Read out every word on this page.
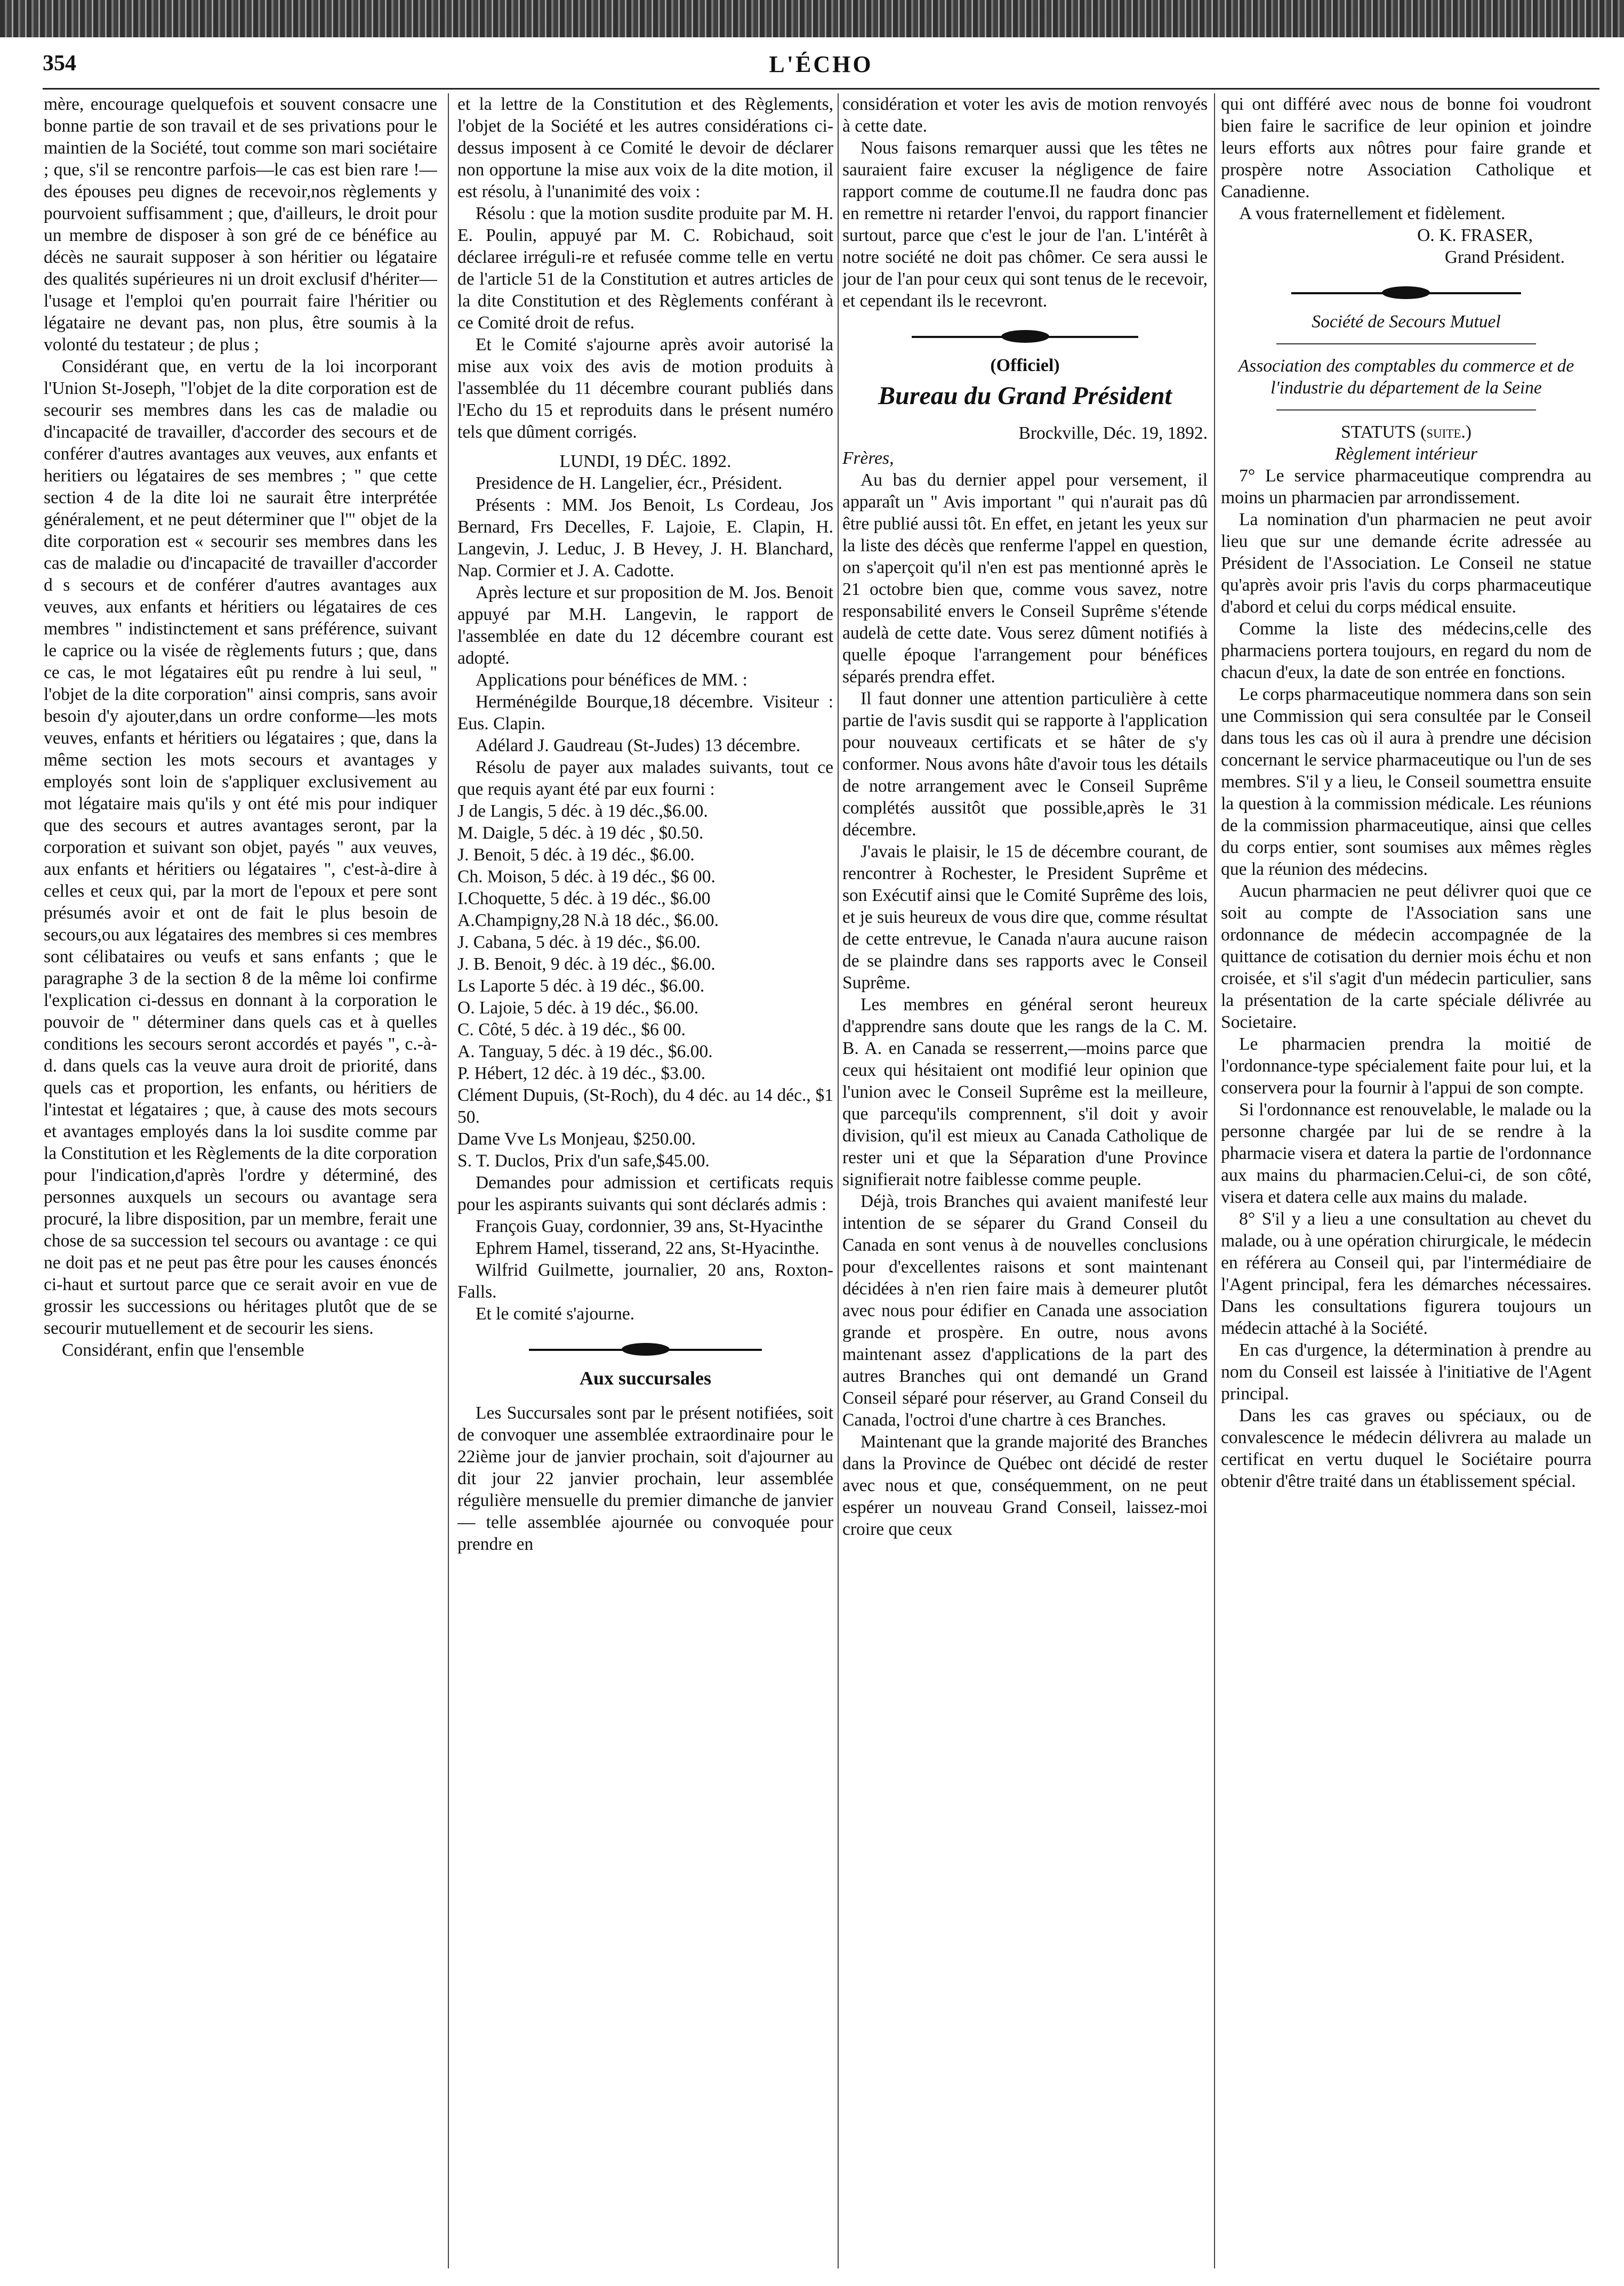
354	L'ÉCHO

mère, encourage quelquefois et souvent consacre une bonne partie de son travail et de ses privations pour le maintien de la Société, tout comme son mari sociétaire ; que, s'il se rencontre parfois—le cas est bien rare !—des épouses peu dignes de recevoir,nos règlements y pourvoient suffisamment ; que, d'ailleurs, le droit pour un membre de disposer à son gré de ce bénéfice au décès ne saurait supposer à son héritier ou légataire des qualités supérieures ni un droit exclusif d'hériter—l'usage et l'emploi qu'en pourrait faire l'héritier ou légataire ne devant pas, non plus, être soumis à la volonté du testateur ; de plus ;

Considérant que, en vertu de la loi incorporant l'Union St-Joseph, "l'objet de la dite corporation est de secourir ses membres dans les cas de maladie ou d'incapacité de travailler, d'accorder des secours et de conférer d'autres avantages aux veuves, aux enfants et heritiers ou légataires de ses membres ; " que cette section 4 de la dite loi ne saurait être interprétée généralement, et ne peut déterminer que l'" objet de la dite corporation est « secourir ses membres dans les cas de maladie ou d'incapacité de travailler d'accorder d s secours et de conférer d'autres avantages aux veuves, aux enfants et héritiers ou légataires de ces membres " indistinctement et sans préférence, suivant le caprice ou la visée de règlements futurs ; que, dans ce cas, le mot légataires eût pu rendre à lui seul, " l'objet de la dite corporation" ainsi compris, sans avoir besoin d'y ajouter,dans un ordre conforme—les mots veuves, enfants et héritiers ou légataires ; que, dans la même section les mots secours et avantages y employés sont loin de s'appliquer exclusivement au mot légataire mais qu'ils y ont été mis pour indiquer que des secours et autres avantages seront, par la corporation et suivant son objet, payés " aux veuves, aux enfants et héritiers ou légataires ", c'est-à-dire à celles et ceux qui, par la mort de l'epoux et pere sont présumés avoir et ont de fait le plus besoin de secours,ou aux légataires des membres si ces membres sont célibataires ou veufs et sans enfants ; que le paragraphe 3 de la section 8 de la même loi confirme l'explication ci-dessus en donnant à la corporation le pouvoir de " déterminer dans quels cas et à quelles conditions les secours seront accordés et payés ", c.-à-d. dans quels cas la veuve aura droit de priorité, dans quels cas et proportion, les enfants, ou héritiers de l'intestat et légataires ; que, à cause des mots secours et avantages employés dans la loi susdite comme par la Constitution et les Règlements de la dite corporation pour l'indication,d'après l'ordre y déterminé, des personnes auxquels un secours ou avantage sera procuré, la libre disposition, par un membre, ferait une chose de sa succession tel secours ou avantage : ce qui ne doit pas et ne peut pas être pour les causes énoncés ci-haut et surtout parce que ce serait avoir en vue de grossir les successions ou héritages plutôt que de se secourir mutuellement et de secourir les siens.

Considérant, enfin que l'ensemble

et la lettre de la Constitution et des Règlements, l'objet de la Société et les autres considérations ci-dessus imposent à ce Comité le devoir de déclarer non opportune la mise aux voix de la dite motion, il est résolu, à l'unanimité des voix :

Résolu : que la motion susdite produite par M. H. E. Poulin, appuyé par M. C. Robichaud, soit déclaree irréguli-re et refusée comme telle en vertu de l'article 51 de la Constitution et autres articles de la dite Constitution et des Règlements conférant à ce Comité droit de refus.

Et le Comité s'ajourne après avoir autorisé la mise aux voix des avis de motion produits à l'assemblée du 11 décembre courant publiés dans l'Echo du 15 et reproduits dans le présent numéro tels que dûment corrigés.

LUNDI, 19 DÉC. 1892.

Presidence de H. Langelier, écr., Président.

Présents : MM. Jos Benoit, Ls Cordeau, Jos Bernard, Frs Decelles, F. Lajoie, E. Clapin, H. Langevin, J. Leduc, J. B Hevey, J. H. Blanchard, Nap. Cormier et J. A. Cadotte.

Après lecture et sur proposition de M. Jos. Benoit appuyé par M.H. Langevin, le rapport de l'assemblée en date du 12 décembre courant est adopté.

Applications pour bénéfices de MM. :

Herménégilde Bourque,18 décembre. Visiteur : Eus. Clapin.

Adélard J. Gaudreau (St-Judes) 13 décembre.

Résolu de payer aux malades suivants, tout ce que requis ayant été par eux fourni :

J de Langis, 5 déc. à 19 déc.,$6.00.

M. Daigle, 5 déc. à 19 déc , $0.50.

J. Benoit, 5 déc. à 19 déc., $6.00.

Ch. Moison, 5 déc. à 19 déc., $6 00.

I.Choquette, 5 déc. à 19 déc., $6.00

A.Champigny,28 N.à 18 déc., $6.00.

J. Cabana, 5 déc. à 19 déc., $6.00.

J. B. Benoit, 9 déc. à 19 déc., $6.00.

Ls Laporte 5 déc. à 19 déc., $6.00.

O. Lajoie, 5 déc. à 19 déc., $6.00.

C. Côté, 5 déc. à 19 déc., $6 00.

A. Tanguay, 5 déc. à 19 déc., $6.00.

P. Hébert, 12 déc. à 19 déc., $3.00.

Clément Dupuis, (St-Roch), du 4 déc. au 14 déc., $1 50.

Dame Vve Ls Monjeau, $250.00.

S. T. Duclos, Prix d'un safe,$45.00.

Demandes pour admission et certificats requis pour les aspirants suivants qui sont déclarés admis :

François Guay, cordonnier, 39 ans, St-Hyacinthe

Ephrem Hamel, tisserand, 22 ans, St-Hyacinthe.

Wilfrid Guilmette, journalier, 20 ans, Roxton-Falls.

Et le comité s'ajourne.

Aux succursales

Les Succursales sont par le présent notifiées, soit de convoquer une assemblée extraordinaire pour le 22ième jour de janvier prochain, soit d'ajourner au dit jour 22 janvier prochain, leur assemblée régulière mensuelle du premier dimanche de janvier — telle assemblée ajournée ou convoquée pour prendre en

considération et voter les avis de motion renvoyés à cette date.

Nous faisons remarquer aussi que les têtes ne sauraient faire excuser la négligence de faire rapport comme de coutume.Il ne faudra donc pas en remettre ni retarder l'envoi, du rapport financier surtout, parce que c'est le jour de l'an. L'intérêt à notre société ne doit pas chômer. Ce sera aussi le jour de l'an pour ceux qui sont tenus de le recevoir, et cependant ils le recevront.

(Officiel)
Bureau du Grand Président

Brockville, Déc. 19, 1892.

Frères,

Au bas du dernier appel pour versement, il apparaît un " Avis important " qui n'aurait pas dû être publié aussi tôt. En effet, en jetant les yeux sur la liste des décès que renferme l'appel en question, on s'aperçoit qu'il n'en est pas mentionné après le 21 octobre bien que, comme vous savez, notre responsabilité envers le Conseil Suprême s'étende audelà de cette date. Vous serez dûment notifiés à quelle époque l'arrangement pour bénéfices séparés prendra effet.

Il faut donner une attention particulière à cette partie de l'avis susdit qui se rapporte à l'application pour nouveaux certificats et se hâter de s'y conformer. Nous avons hâte d'avoir tous les détails de notre arrangement avec le Conseil Suprême complétés aussitôt que possible,après le 31 décembre.

J'avais le plaisir, le 15 de décembre courant, de rencontrer à Rochester, le President Suprême et son Exécutif ainsi que le Comité Suprême des lois, et je suis heureux de vous dire que, comme résultat de cette entrevue, le Canada n'aura aucune raison de se plaindre dans ses rapports avec le Conseil Suprême.

Les membres en général seront heureux d'apprendre sans doute que les rangs de la C. M. B. A. en Canada se resserrent,—moins parce que ceux qui hésitaient ont modifié leur opinion que l'union avec le Conseil Suprême est la meilleure, que parcequ'ils comprennent, s'il doit y avoir division, qu'il est mieux au Canada Catholique de rester uni et que la Séparation d'une Province signifierait notre faiblesse comme peuple.

Déjà, trois Branches qui avaient manifesté leur intention de se séparer du Grand Conseil du Canada en sont venus à de nouvelles conclusions pour d'excellentes raisons et sont maintenant décidées à n'en rien faire mais à demeurer plutôt avec nous pour édifier en Canada une association grande et prospère. En outre, nous avons maintenant assez d'applications de la part des autres Branches qui ont demandé un Grand Conseil séparé pour réserver, au Grand Conseil du Canada, l'octroi d'une chartre à ces Branches.

Maintenant que la grande majorité des Branches dans la Province de Québec ont décidé de rester avec nous et que, conséquemment, on ne peut espérer un nouveau Grand Conseil, laissez-moi croire que ceux

qui ont différé avec nous de bonne foi voudront bien faire le sacrifice de leur opinion et joindre leurs efforts aux nôtres pour faire grande et prospère notre Association Catholique et Canadienne.

A vous fraternellement et fidèlement.

O. K. FRASER,

Grand Président.

Société de Secours Mutuel

Association des comptables du commerce et de l'industrie du département de la Seine

STATUTS (suite.)

Règlement intérieur

7° Le service pharmaceutique comprendra au moins un pharmacien par arrondissement.

La nomination d'un pharmacien ne peut avoir lieu que sur une demande écrite adressée au Président de l'Association. Le Conseil ne statue qu'après avoir pris l'avis du corps pharmaceutique d'abord et celui du corps médical ensuite.

Comme la liste des médecins,celle des pharmaciens portera toujours, en regard du nom de chacun d'eux, la date de son entrée en fonctions.

Le corps pharmaceutique nommera dans son sein une Commission qui sera consultée par le Conseil dans tous les cas où il aura à prendre une décision concernant le service pharmaceutique ou l'un de ses membres. S'il y a lieu, le Conseil soumettra ensuite la question à la commission médicale. Les réunions de la commission pharmaceutique, ainsi que celles du corps entier, sont soumises aux mêmes règles que la réunion des médecins.

Aucun pharmacien ne peut délivrer quoi que ce soit au compte de l'Association sans une ordonnance de médecin accompagnée de la quittance de cotisation du dernier mois échu et non croisée, et s'il s'agit d'un médecin particulier, sans la présentation de la carte spéciale délivrée au Societaire.

Le pharmacien prendra la moitié de l'ordonnance-type spécialement faite pour lui, et la conservera pour la fournir à l'appui de son compte.

Si l'ordonnance est renouvelable, le malade ou la personne chargée par lui de se rendre à la pharmacie visera et datera la partie de l'ordonnance aux mains du pharmacien.Celui-ci, de son côté, visera et datera celle aux mains du malade.

8° S'il y a lieu a une consultation au chevet du malade, ou à une opération chirurgicale, le médecin en référera au Conseil qui, par l'intermédiaire de l'Agent principal, fera les démarches nécessaires. Dans les consultations figurera toujours un médecin attaché à la Société.

En cas d'urgence, la détermination à prendre au nom du Conseil est laissée à l'initiative de l'Agent principal.

Dans les cas graves ou spéciaux, ou de convalescence le médecin délivrera au malade un certificat en vertu duquel le Sociétaire pourra obtenir d'être traité dans un établissement spécial.
